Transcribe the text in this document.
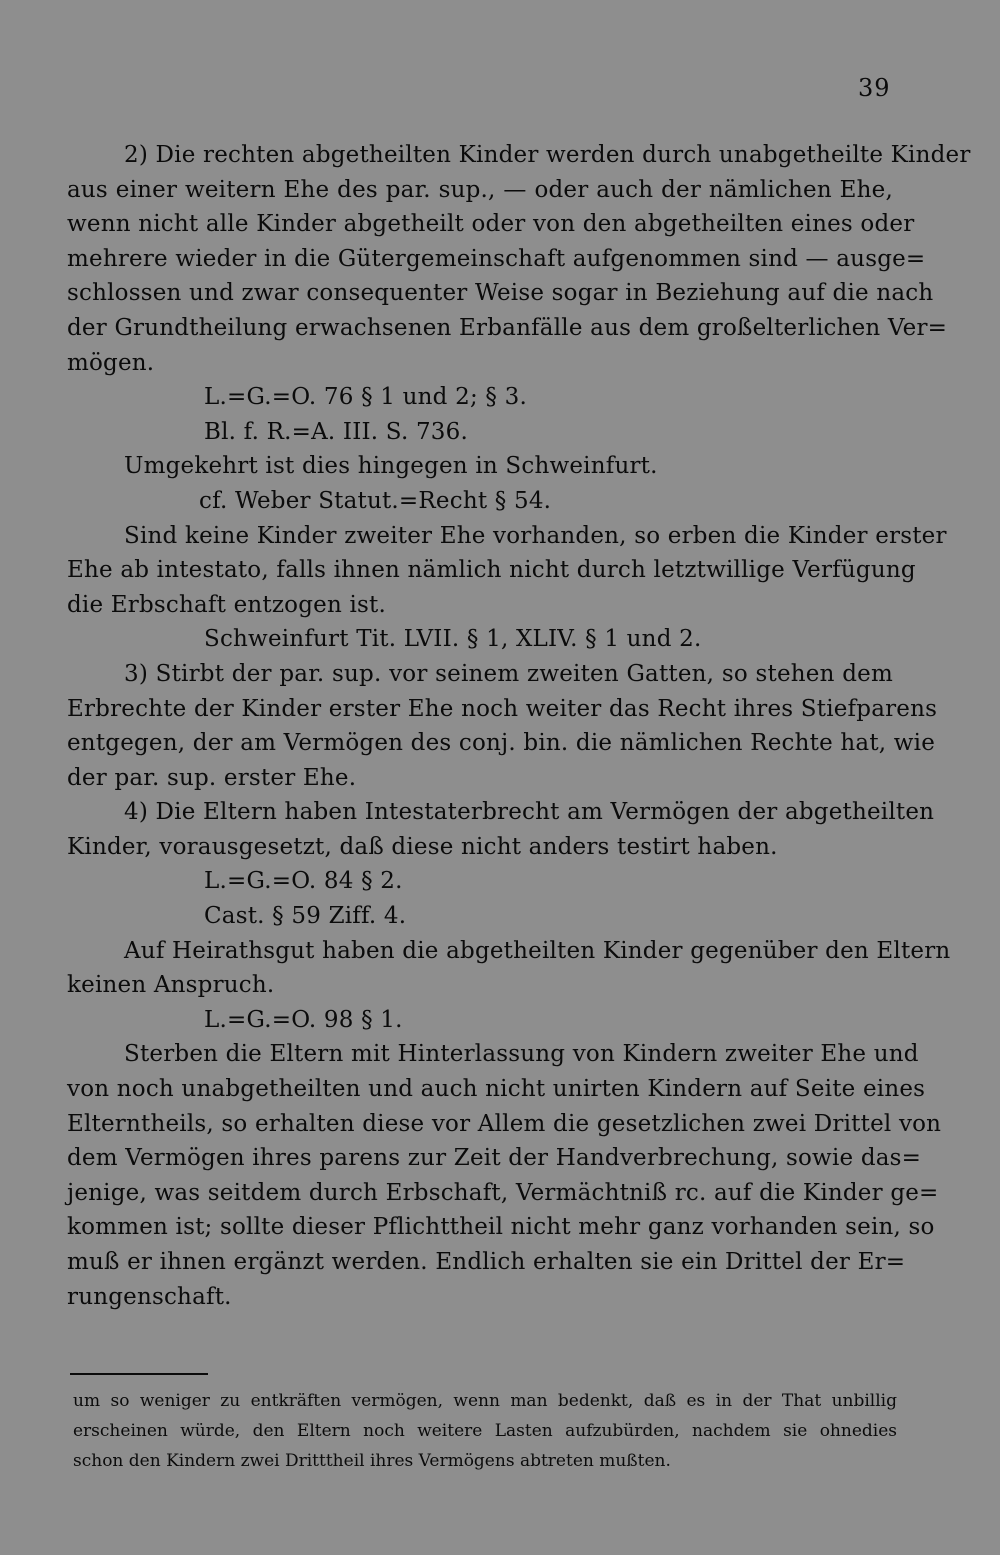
39
2) Die rechten abgetheilten Kinder werden durch unabgetheilte Kinder
aus einer weitern Ehe des par. sup., — oder auch der nämlichen Ehe,
wenn nicht alle Kinder abgetheilt oder von den abgetheilten eines oder
mehrere wieder in die Gütergemeinschaft aufgenommen sind — ausge=
schlossen und zwar consequenter Weise sogar in Beziehung auf die nach
der Grundtheilung erwachsenen Erbanfälle aus dem großelterlichen Ver=
mögen.
L.=G.=O. 76 § 1 und 2; § 3.
Bl. f. R.=A. III. S. 736.
Umgekehrt ist dies hingegen in Schweinfurt.
cf. Weber Statut.=Recht § 54.
Sind keine Kinder zweiter Ehe vorhanden, so erben die Kinder erster
Ehe ab intestato, falls ihnen nämlich nicht durch letztwillige Verfügung
die Erbschaft entzogen ist.
Schweinfurt Tit. LVII. § 1, XLIV. § 1 und 2.
3) Stirbt der par. sup. vor seinem zweiten Gatten, so stehen dem
Erbrechte der Kinder erster Ehe noch weiter das Recht ihres Stiefparens
entgegen, der am Vermögen des conj. bin. die nämlichen Rechte hat, wie
der par. sup. erster Ehe.
4) Die Eltern haben Intestaterbrecht am Vermögen der abgetheilten
Kinder, vorausgesetzt, daß diese nicht anders testirt haben.
L.=G.=O. 84 § 2.
Cast. § 59 Ziff. 4.
Auf Heirathsgut haben die abgetheilten Kinder gegenüber den Eltern
keinen Anspruch.
L.=G.=O. 98 § 1.
Sterben die Eltern mit Hinterlassung von Kindern zweiter Ehe und
von noch unabgetheilten und auch nicht unirten Kindern auf Seite eines
Elterntheils, so erhalten diese vor Allem die gesetzlichen zwei Drittel von
dem Vermögen ihres parens zur Zeit der Handverbrechung, sowie das=
jenige, was seitdem durch Erbschaft, Vermächtniß rc. auf die Kinder ge=
kommen ist; sollte dieser Pflichttheil nicht mehr ganz vorhanden sein, so
muß er ihnen ergänzt werden. Endlich erhalten sie ein Drittel der Er=
rungenschaft.
um so weniger zu entkräften vermögen, wenn man bedenkt, daß es in der That unbillig
erscheinen würde, den Eltern noch weitere Lasten aufzubürden, nachdem sie ohnedies
schon den Kindern zwei Dritttheil ihres Vermögens abtreten mußten.
